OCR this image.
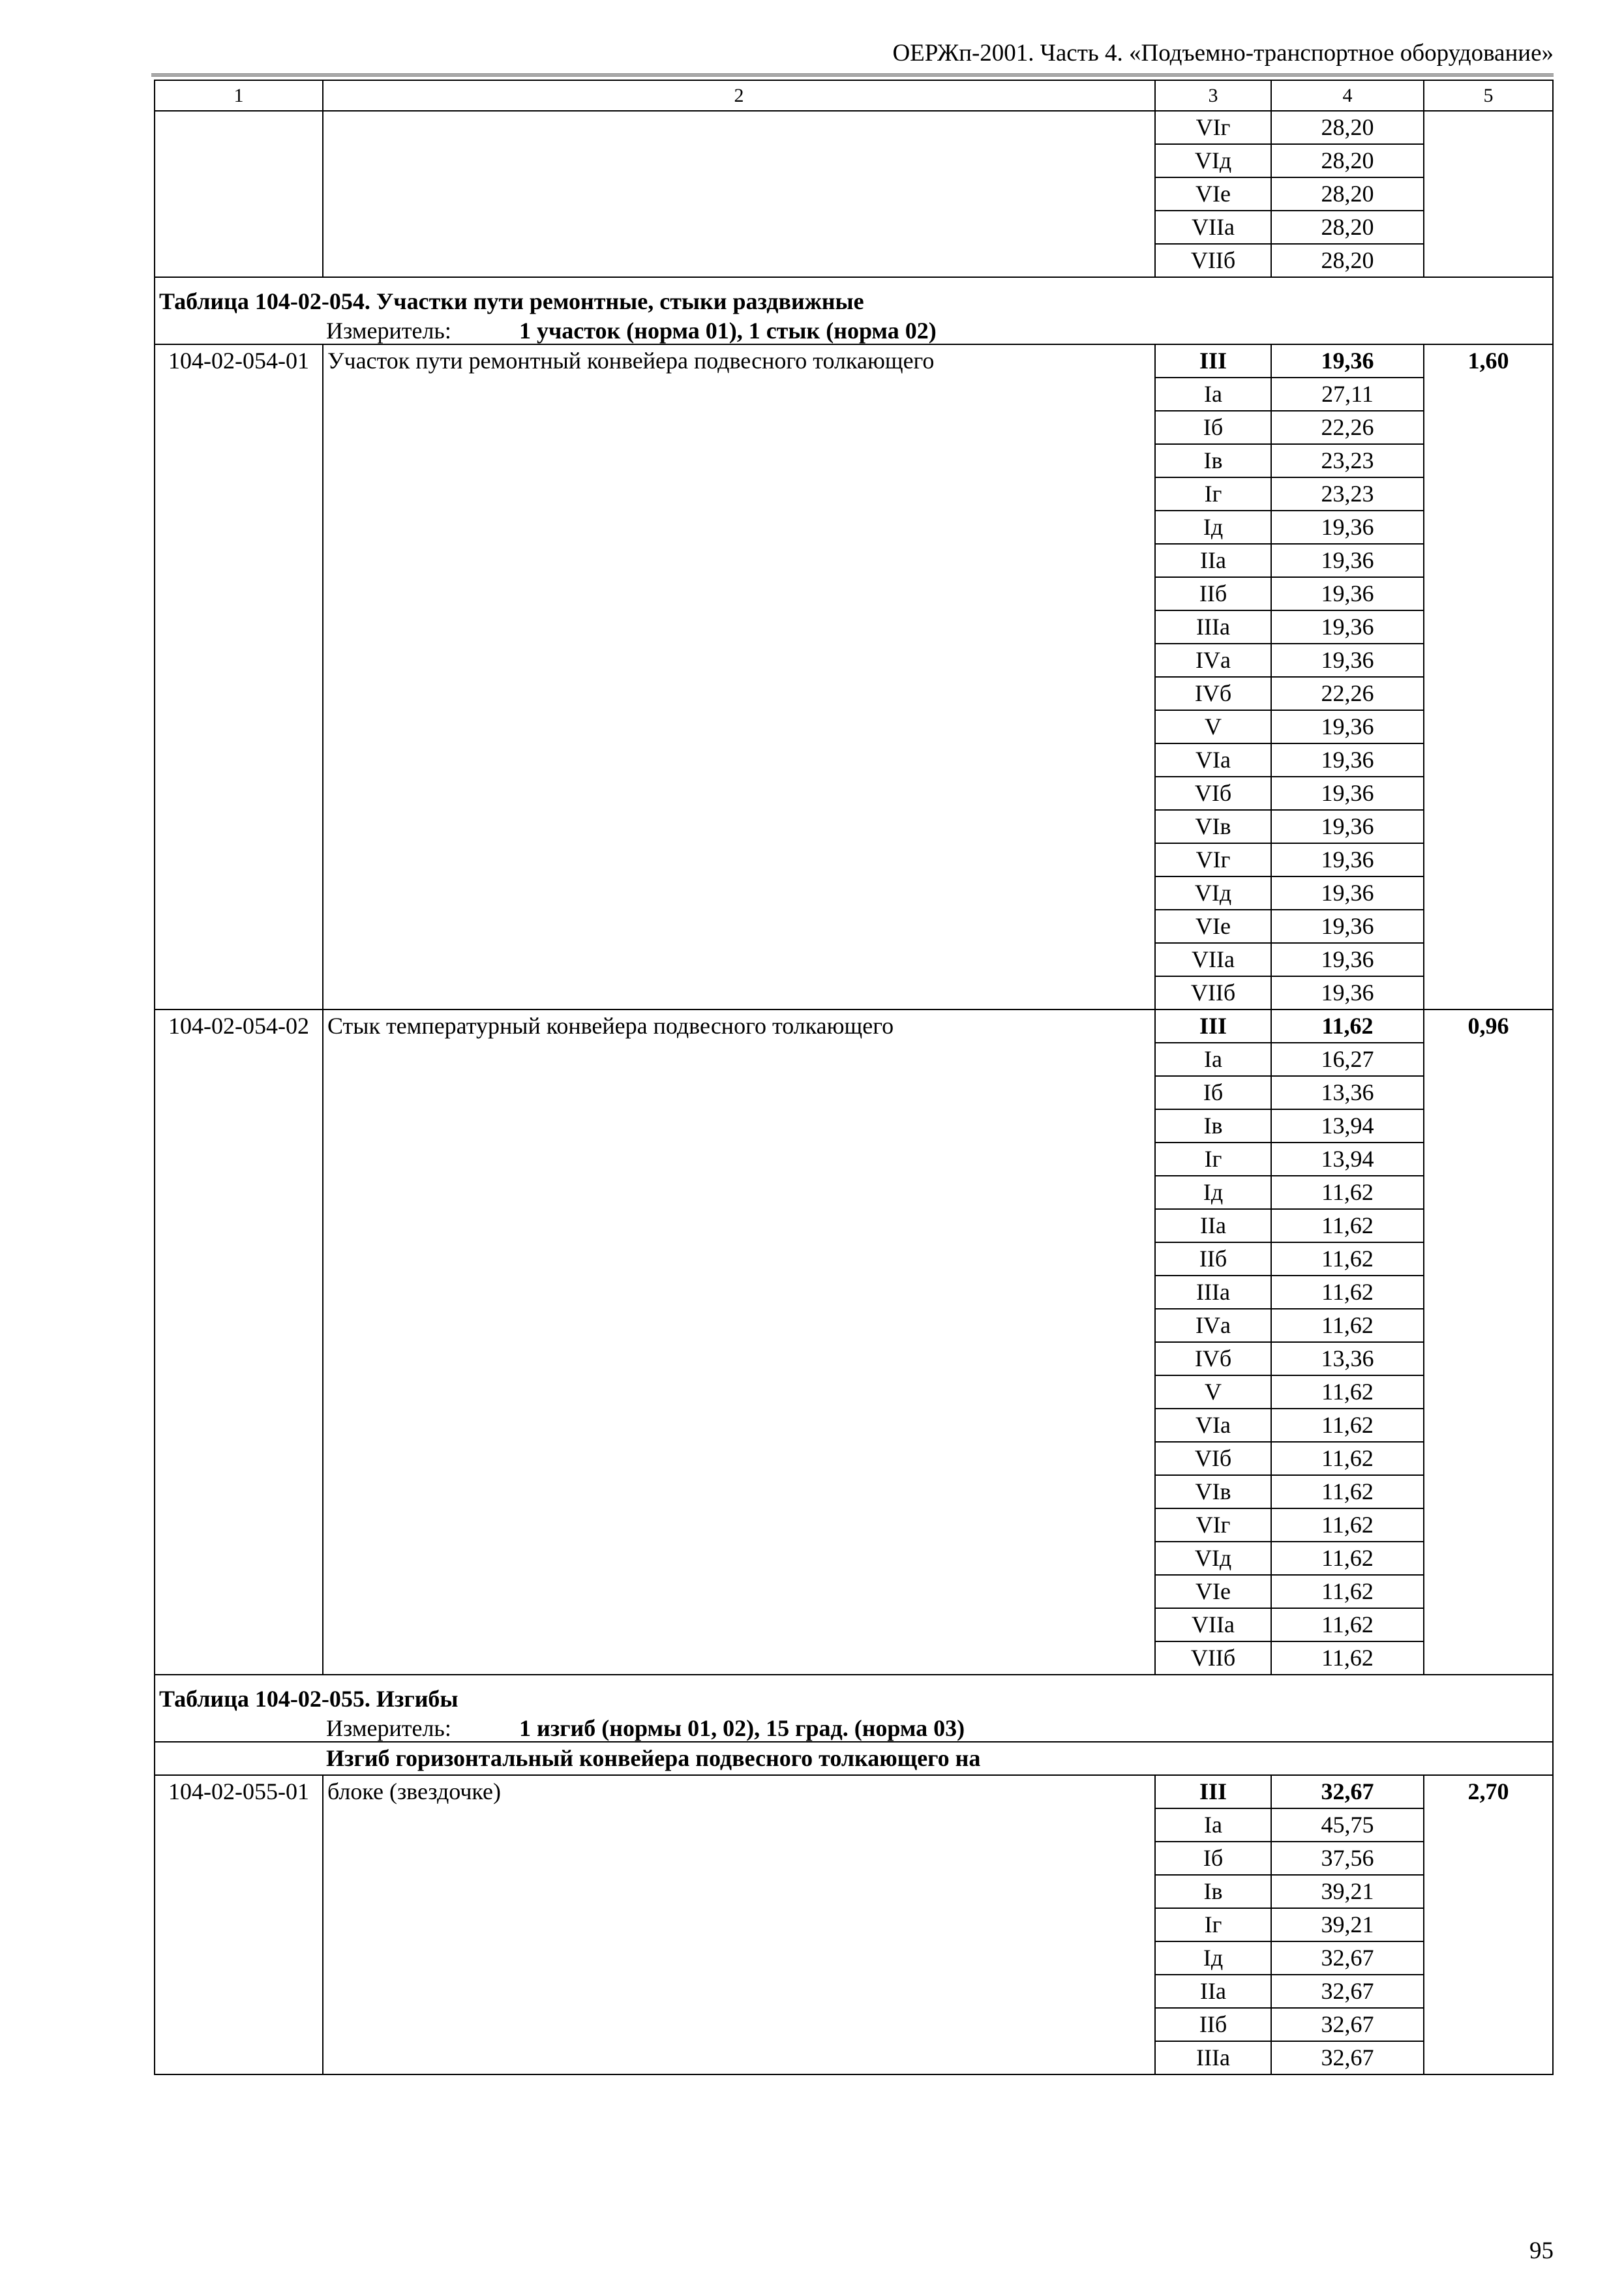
ОЕРЖп-2001. Часть 4. «Подъемно-транспортное оборудование»
1	2	3	4	5
		VIг	28,20	
		VIд	28,20	
		VIе	28,20	
		VIIа	28,20	
		VIIб	28,20	
Таблица 104-02-054. Участки пути ремонтные, стыки раздвижные				
Измеритель: 1 участок (норма 01), 1 стык (норма 02)				
104-02-054-01	Участок пути ремонтный конвейера подвесного толкающего	III	19,36	1,60
		Iа	27,11	
		Iб	22,26	
		Iв	23,23	
		Iг	23,23	
		Iд	19,36	
		IIа	19,36	
		IIб	19,36	
		IIIа	19,36	
		IVа	19,36	
		IVб	22,26	
		V	19,36	
		VIа	19,36	
		VIб	19,36	
		VIв	19,36	
		VIг	19,36	
		VIд	19,36	
		VIе	19,36	
		VIIа	19,36	
		VIIб	19,36	
104-02-054-02	Стык температурный конвейера подвесного толкающего	III	11,62	0,96
		Iа	16,27	
		Iб	13,36	
		Iв	13,94	
		Iг	13,94	
		Iд	11,62	
		IIа	11,62	
		IIб	11,62	
		IIIа	11,62	
		IVа	11,62	
		IVб	13,36	
		V	11,62	
		VIа	11,62	
		VIб	11,62	
		VIв	11,62	
		VIг	11,62	
		VIд	11,62	
		VIе	11,62	
		VIIа	11,62	
		VIIб	11,62	
Таблица 104-02-055. Изгибы				
Измеритель: 1 изгиб (нормы 01, 02), 15 град. (норма 03)				
Изгиб горизонтальный конвейера подвесного толкающего на				
104-02-055-01	блоке (звездочке)	III	32,67	2,70
		Iа	45,75	
		Iб	37,56	
		Iв	39,21	
		Iг	39,21	
		Iд	32,67	
		IIа	32,67	
		IIб	32,67	
		IIIа	32,67	
95
